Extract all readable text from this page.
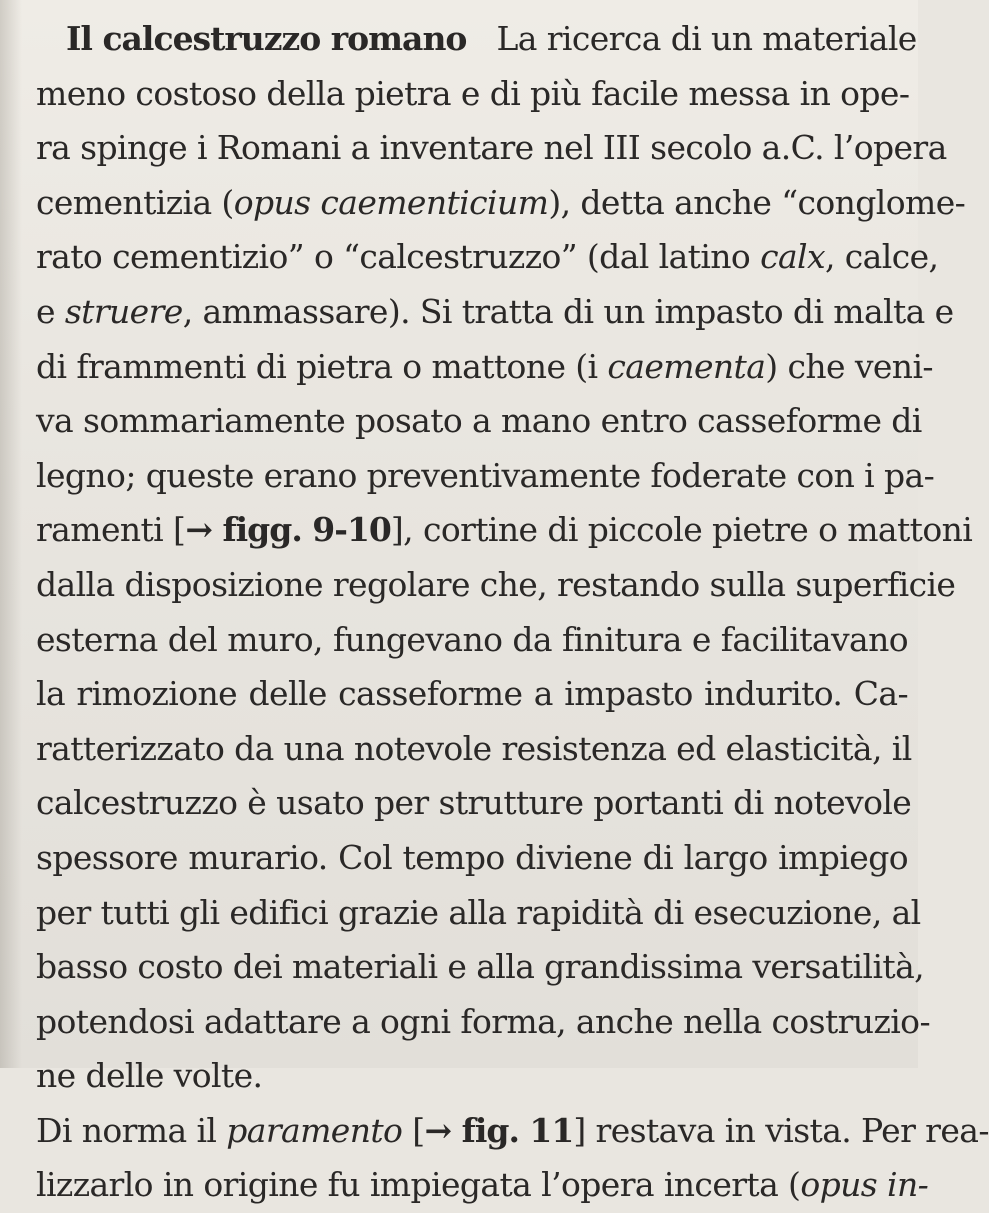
Il calcestruzzo romano La ricerca di un materiale
meno costoso della pietra e di più facile messa in ope-
ra spinge i Romani a inventare nel III secolo a.C. l’opera
cementizia (opus caementicium), detta anche “conglome-
rato cementizio” o “calcestruzzo” (dal latino calx, calce,
e struere, ammassare). Si tratta di un impasto di malta e
di frammenti di pietra o mattone (i caementa) che veni-
va sommariamente posato a mano entro casseforme di
legno; queste erano preventivamente foderate con i pa-
ramenti [→ figg. 9-10], cortine di piccole pietre o mattoni
dalla disposizione regolare che, restando sulla superficie
esterna del muro, fungevano da finitura e facilitavano
la rimozione delle casseforme a impasto indurito. Ca-
ratterizzato da una notevole resistenza ed elasticità, il
calcestruzzo è usato per strutture portanti di notevole
spessore murario. Col tempo diviene di largo impiego
per tutti gli edifici grazie alla rapidità di esecuzione, al
basso costo dei materiali e alla grandissima versatilità,
potendosi adattare a ogni forma, anche nella costruzio-
ne delle volte.
Di norma il paramento [→ fig. 11] restava in vista. Per rea-
lizzarlo in origine fu impiegata l’opera incerta (opus in-
